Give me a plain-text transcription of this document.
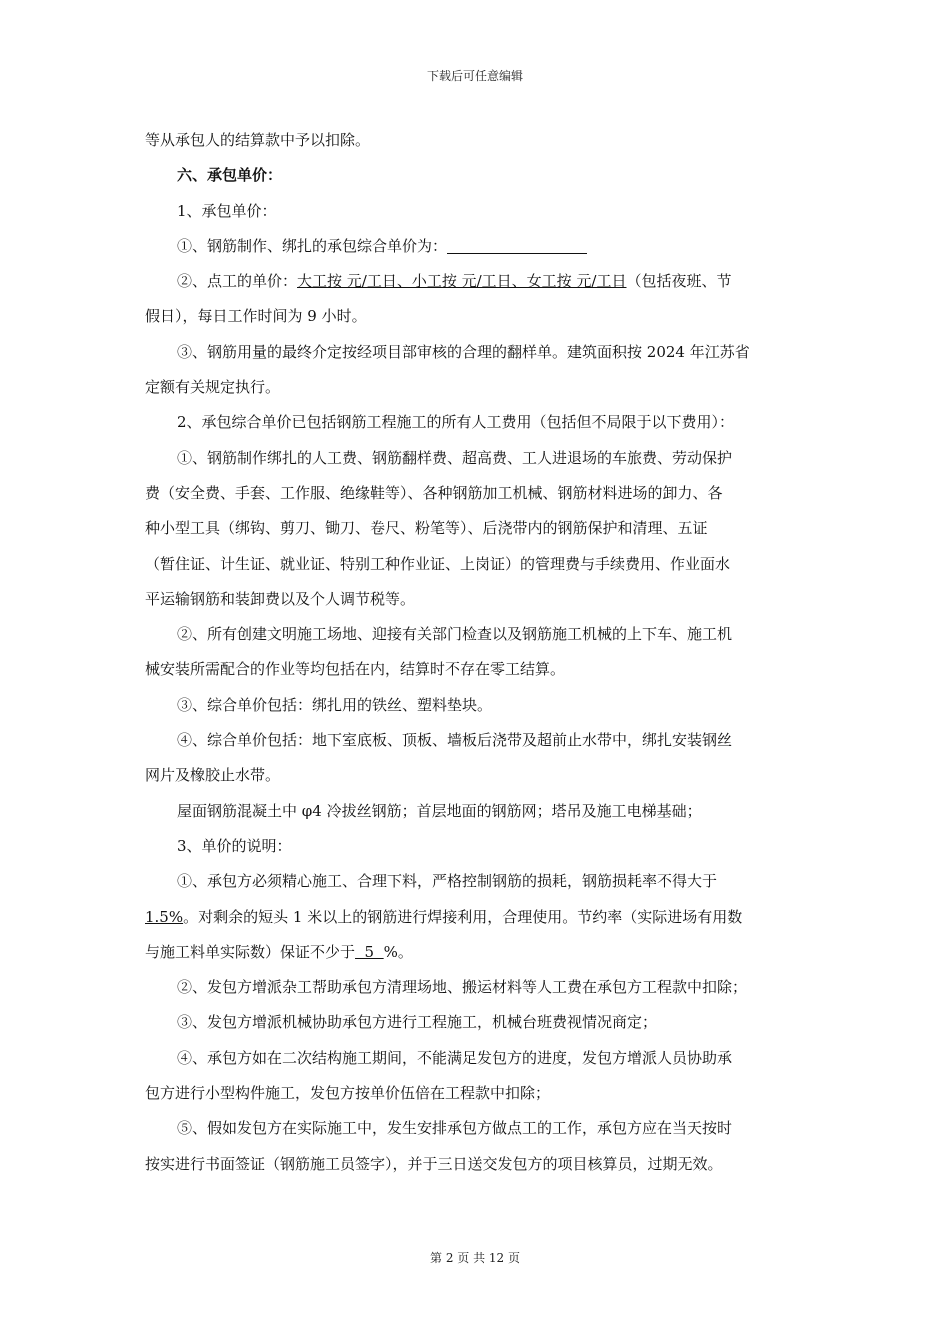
下载后可任意编辑
等从承包人的结算款中予以扣除。
六、承包单价：
1、承包单价：
①、钢筋制作、绑扎的承包综合单价为：
②、点工的单价：大工按 元/工日、小工按 元/工日、女工按 元/工日（包括夜班、节
假日），每日工作时间为 9 小时。
③、钢筋用量的最终介定按经项目部审核的合理的翻样单。建筑面积按 2024 年江苏省
定额有关规定执行。
2、承包综合单价已包括钢筋工程施工的所有人工费用（包括但不局限于以下费用）：
①、钢筋制作绑扎的人工费、钢筋翻样费、超高费、工人进退场的车旅费、劳动保护
费（安全费、手套、工作服、绝缘鞋等）、各种钢筋加工机械、钢筋材料进场的卸力、各
种小型工具（绑钩、剪刀、锄刀、卷尺、粉笔等）、后浇带内的钢筋保护和清理、五证
（暂住证、计生证、就业证、特别工种作业证、上岗证）的管理费与手续费用、作业面水
平运输钢筋和装卸费以及个人调节税等。
②、所有创建文明施工场地、迎接有关部门检查以及钢筋施工机械的上下车、施工机
械安装所需配合的作业等均包括在内，结算时不存在零工结算。
③、综合单价包括：绑扎用的铁丝、塑料垫块。
④、综合单价包括：地下室底板、顶板、墙板后浇带及超前止水带中，绑扎安装钢丝
网片及橡胶止水带。
屋面钢筋混凝土中 φ4 冷拔丝钢筋；首层地面的钢筋网；塔吊及施工电梯基础；
3、单价的说明：
①、承包方必须精心施工、合理下料，严格控制钢筋的损耗，钢筋损耗率不得大于
1.5%。对剩余的短头 1 米以上的钢筋进行焊接利用，合理使用。节约率（实际进场有用数
与施工料单实际数）保证不少于  5  %。
②、发包方增派杂工帮助承包方清理场地、搬运材料等人工费在承包方工程款中扣除；
③、发包方增派机械协助承包方进行工程施工，机械台班费视情况商定；
④、承包方如在二次结构施工期间，不能满足发包方的进度，发包方增派人员协助承
包方进行小型构件施工，发包方按单价伍倍在工程款中扣除；
⑤、假如发包方在实际施工中，发生安排承包方做点工的工作，承包方应在当天按时
按实进行书面签证（钢筋施工员签字），并于三日送交发包方的项目核算员，过期无效。
第 2 页 共 12 页
